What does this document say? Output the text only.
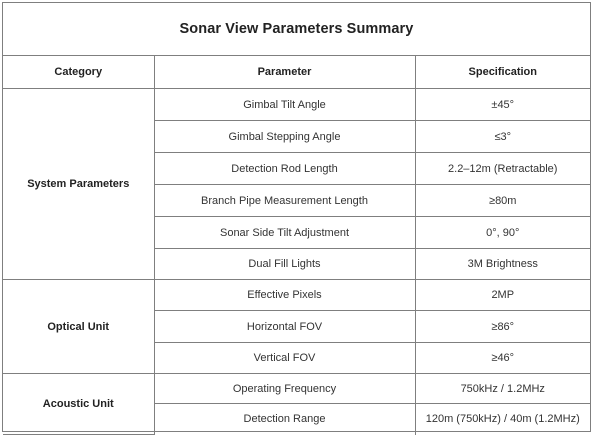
Sonar View Parameters Summary
Category	Parameter	Specification
System Parameters	Gimbal Tilt Angle	±45°
	Gimbal Stepping Angle	≤3°
	Detection Rod Length	2.2–12m (Retractable)
	Branch Pipe Measurement Length	≥80m
	Sonar Side Tilt Adjustment	0°, 90°
	Dual Fill Lights	3M Brightness
Optical Unit	Effective Pixels	2MP
	Horizontal FOV	≥86°
	Vertical FOV	≥46°
Acoustic Unit	Operating Frequency	750kHz / 1.2MHz
	Detection Range	120m (750kHz) / 40m (1.2MHz)
